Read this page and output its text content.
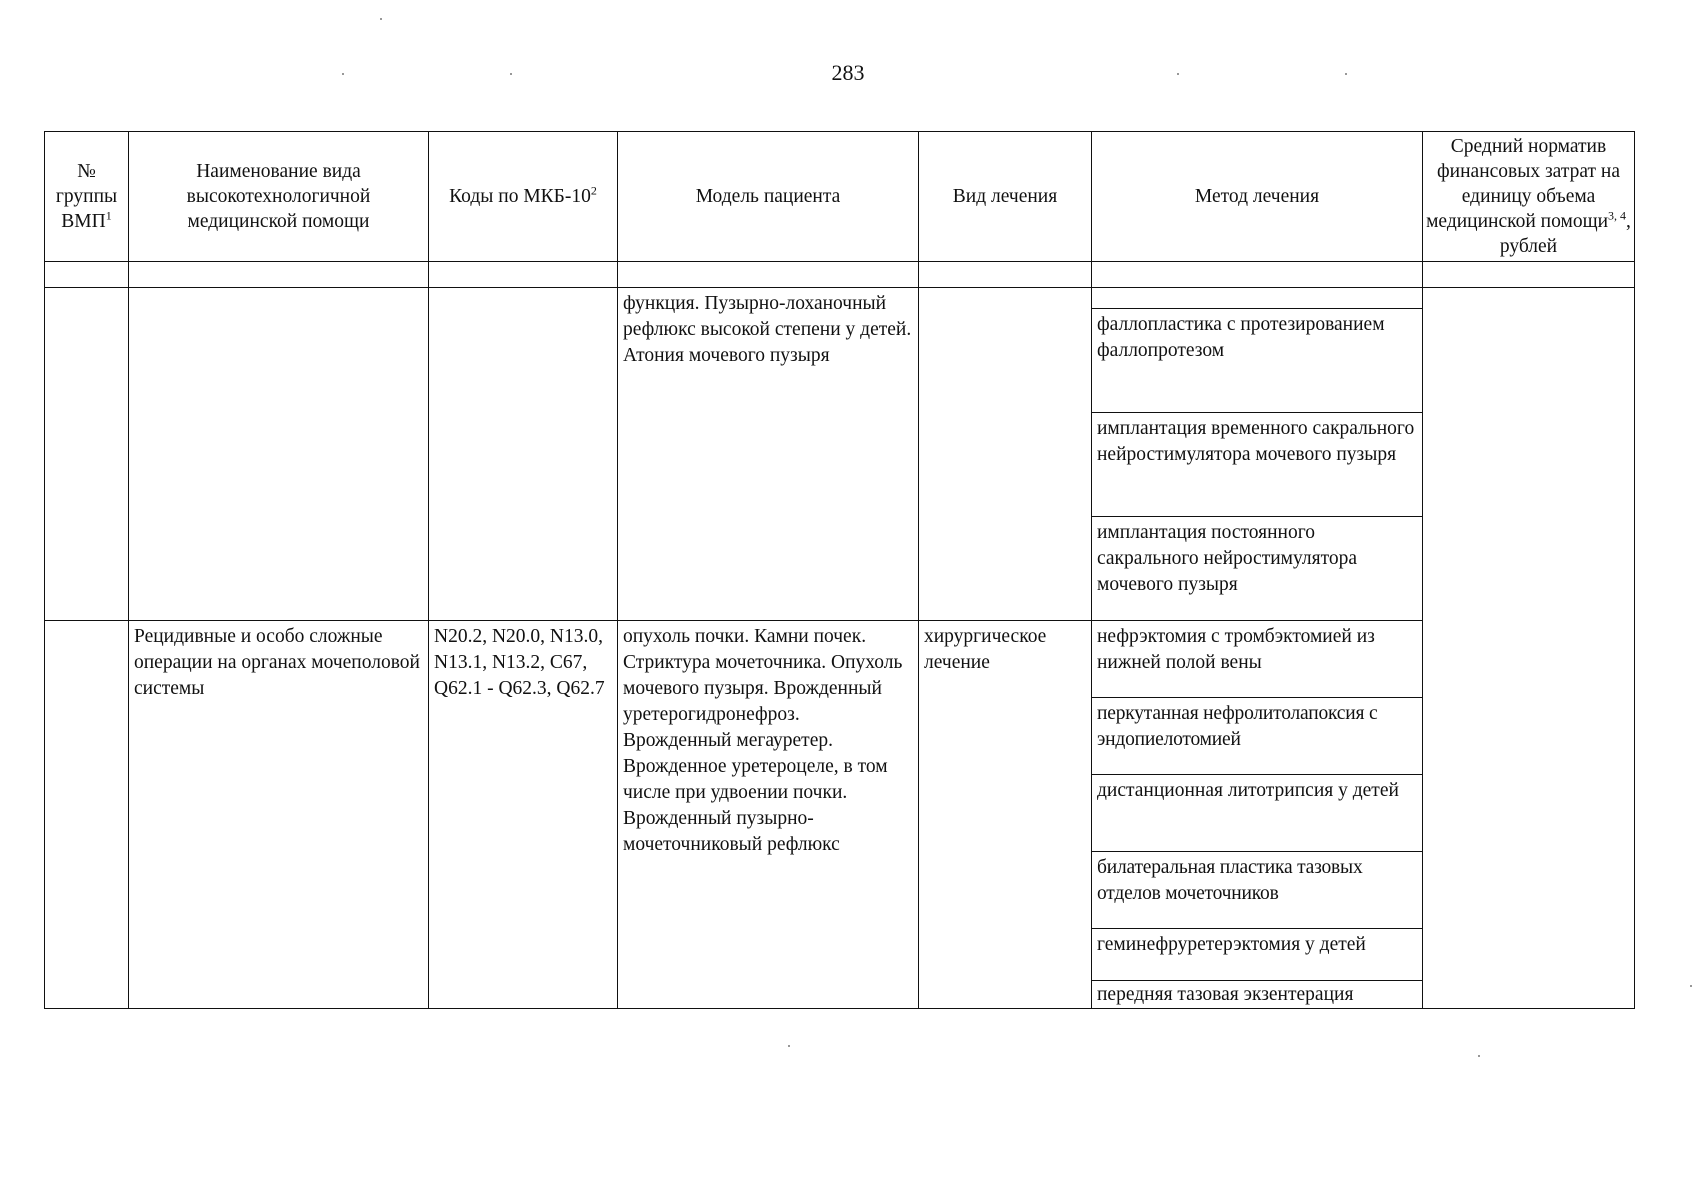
283
№ группы ВМП$^1$	Наименование вида высокотехнологичной медицинской помощи	Коды по МКБ-$10^2$	Модель пациента	Вид лечения	Метод лечения	Средний норматив финансовых затрат на единицу объема медицинской помощи$^{3, 4}$, рублей

			функция. Пузырно-лоханочный рефлюкс высокой степени у детей. Атония мочевого пузыря			
					фаллопластика с протезированием фаллопротезом	
					имплантация временного сакрального нейростимулятора мочевого пузыря	
					имплантация постоянного сакрального нейростимулятора мочевого пузыря	
	Рецидивные и особо сложные операции на органах мочеполовой системы	N20.2, N20.0, N13.0, N13.1, N13.2, C67, Q62.1 - Q62.3, Q62.7	опухоль почки. Камни почек. Стриктура мочеточника. Опухоль мочевого пузыря. Врожденный уретерогидронефроз. Врожденный мегауретер. Врожденное уретероцеле, в том числе при удвоении почки. Врожденный пузырно-мочеточниковый рефлюкс	хирургическое лечение	нефрэктомия с тромбэктомией из нижней полой вены	
					перкутанная нефролитолапоксия с эндопиелотомией	
					дистанционная литотрипсия у детей	
					билатеральная пластика тазовых отделов мочеточников	
					геминефруретерэктомия у детей	
					передняя тазовая экзентерация	
